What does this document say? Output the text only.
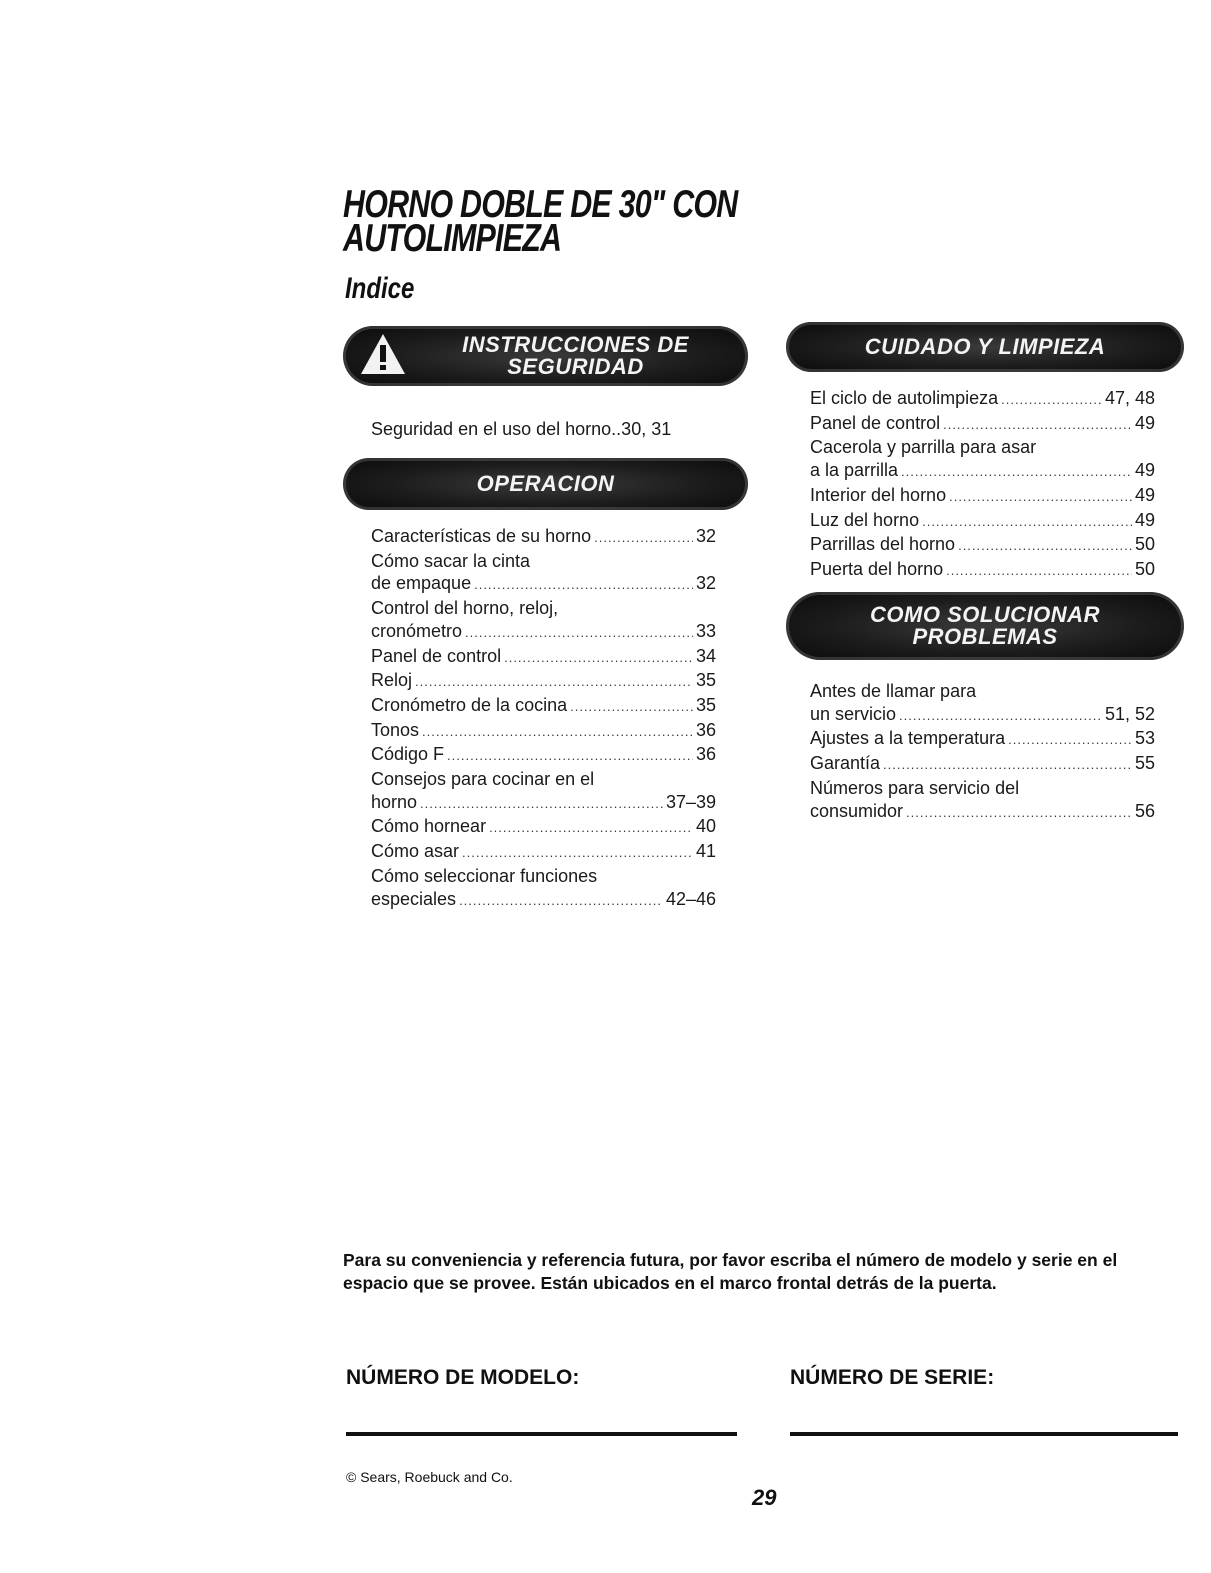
HORNO DOBLE DE 30" CON AUTOLIMPIEZA
Indice
INSTRUCCIONES DE
SEGURIDAD
Seguridad en el uso del horno..30, 31
OPERACION
Características de su horno .....	32
Cómo sacar la cinta
de empaque .....	32
Control del horno, reloj,
cronómetro .....	33
Panel de control .....	34
Reloj .....	35
Cronómetro de la cocina .....	35
Tonos .....	36
Código F .....	36
Consejos para cocinar en el
horno .....	37–39
Cómo hornear .....	40
Cómo asar .....	41
Cómo seleccionar funciones
especiales .....	42–46
CUIDADO Y LIMPIEZA
El ciclo de autolimpieza .....	47, 48
Panel de control .....	49
Cacerola y parrilla para asar
a la parrilla .....	49
Interior del horno .....	49
Luz del horno .....	49
Parrillas del horno .....	50
Puerta del horno .....	50
COMO SOLUCIONAR
PROBLEMAS
Antes de llamar para
un servicio .....	51, 52
Ajustes a la temperatura .....	53
Garantía .....	55
Números para servicio del
consumidor .....	56

Para su conveniencia y referencia futura, por favor escriba el número de modelo y serie en el espacio que se provee. Están ubicados en el marco frontal detrás de la puerta.

NÚMERO DE MODELO:	NÚMERO DE SERIE:
© Sears, Roebuck and Co.
29
